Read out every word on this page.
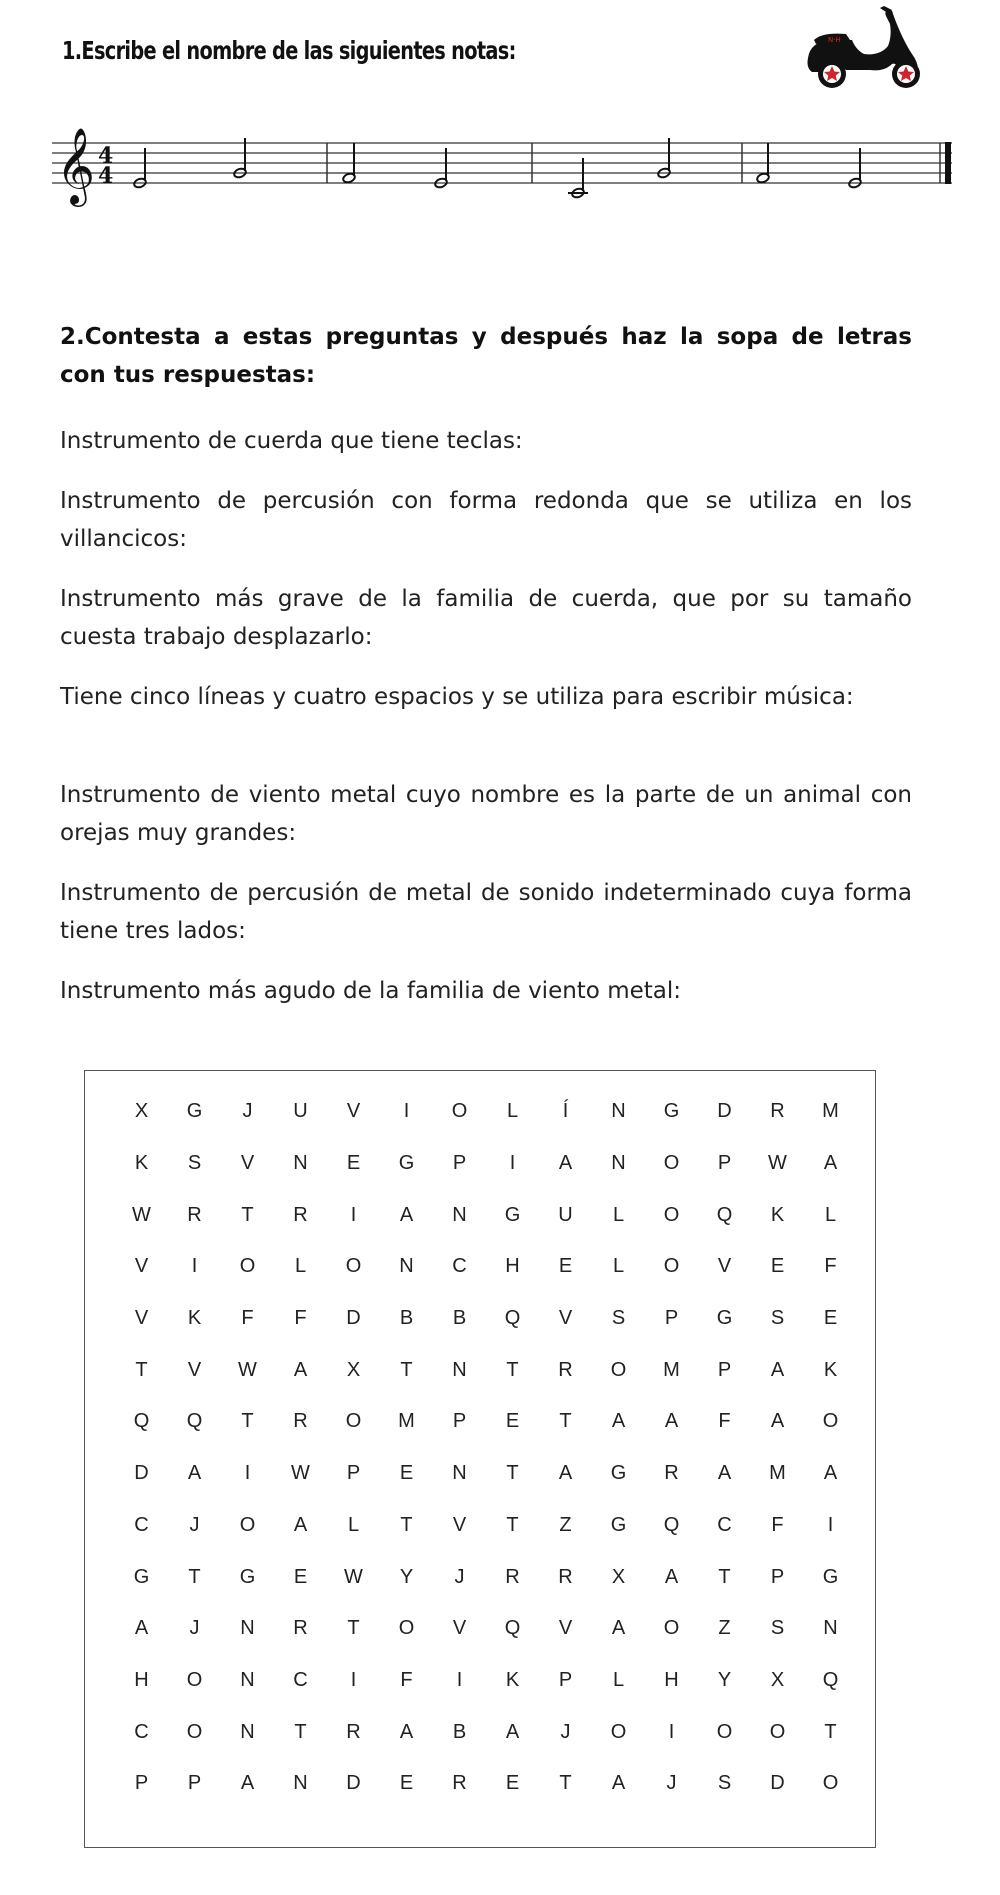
1.Escribe el nombre de las siguientes notas:	N·H
𝄞 4
4

2.Contesta a estas preguntas y después haz la sopa de letras con tus respuestas:

Instrumento de cuerda que tiene teclas:

Instrumento de percusión con forma redonda que se utiliza en los villancicos:

Instrumento más grave de la familia de cuerda, que por su tamaño cuesta trabajo desplazarlo:

Tiene cinco líneas y cuatro espacios y se utiliza para escribir música:

Instrumento de viento metal cuyo nombre es la parte de un animal con orejas muy grandes:

Instrumento de percusión de metal de sonido indeterminado cuya forma tiene tres lados:

Instrumento más agudo de la familia de viento metal:

X	G	J	U	V	I	O	L	Í	N	G	D	R	M
K	S	V	N	E	G	P	I	A	N	O	P	W	A
W	R	T	R	I	A	N	G	U	L	O	Q	K	L
V	I	O	L	O	N	C	H	E	L	O	V	E	F
V	K	F	F	D	B	B	Q	V	S	P	G	S	E
T	V	W	A	X	T	N	T	R	O	M	P	A	K
Q	Q	T	R	O	M	P	E	T	A	A	F	A	O
D	A	I	W	P	E	N	T	A	G	R	A	M	A
C	J	O	A	L	T	V	T	Z	G	Q	C	F	I
G	T	G	E	W	Y	J	R	R	X	A	T	P	G
A	J	N	R	T	O	V	Q	V	A	O	Z	S	N
H	O	N	C	I	F	I	K	P	L	H	Y	X	Q
C	O	N	T	R	A	B	A	J	O	I	O	O	T
P	P	A	N	D	E	R	E	T	A	J	S	D	O
